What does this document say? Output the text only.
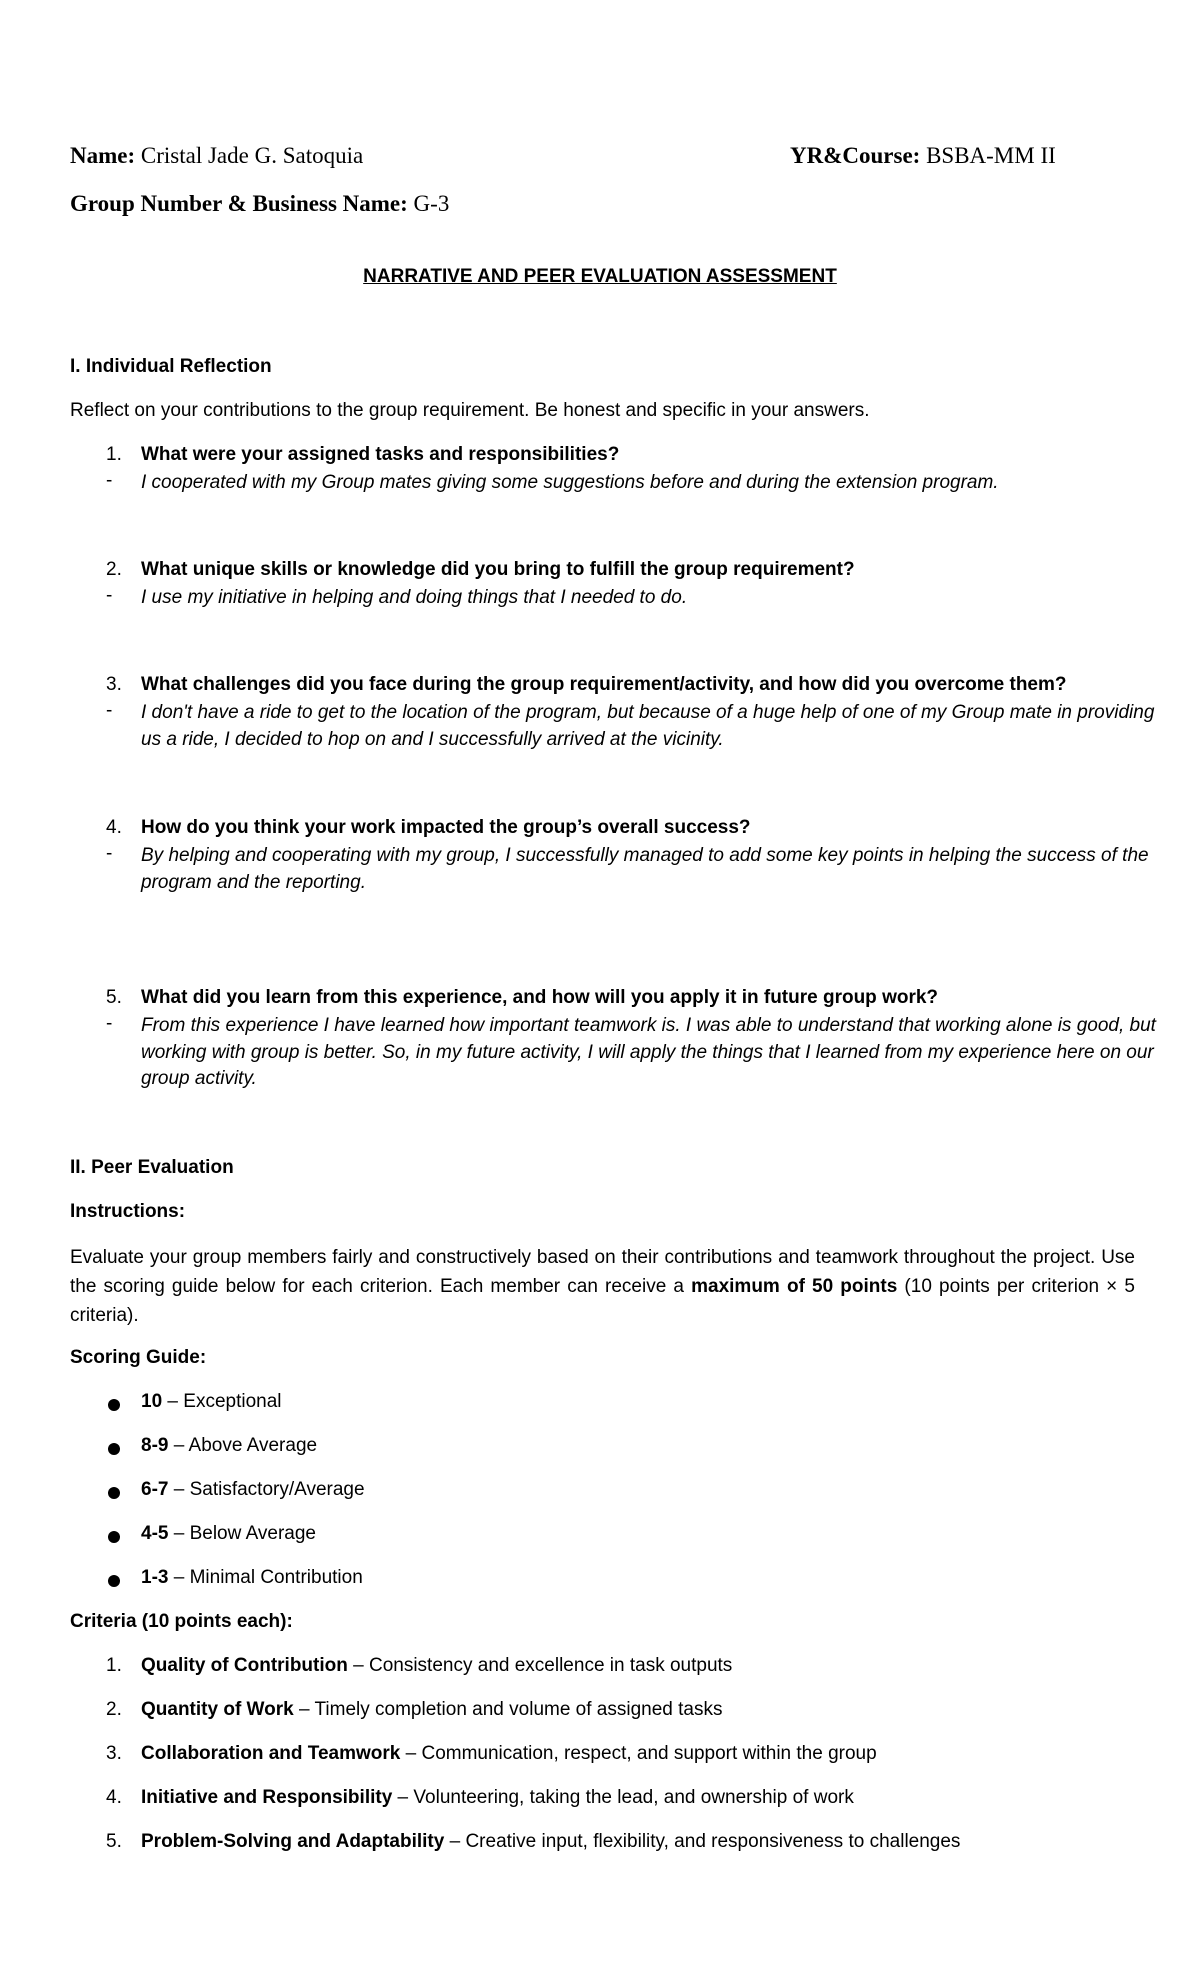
Name: Cristal Jade G. Satoquia	YR&Course: BSBA-MM II
Group Number & Business Name: G-3
NARRATIVE AND PEER EVALUATION ASSESSMENT
I. Individual Reflection
Reflect on your contributions to the group requirement. Be honest and specific in your answers.
1.	What were your assigned tasks and responsibilities?
-	I cooperated with my Group mates giving some suggestions before and during the extension program.
2.	What unique skills or knowledge did you bring to fulfill the group requirement?
-	I use my initiative in helping and doing things that I needed to do.
3.	What challenges did you face during the group requirement/activity, and how did you overcome them?
-	I don't have a ride to get to the location of the program, but because of a huge help of one of my Group mate in providing us a ride, I decided to hop on and I successfully arrived at the vicinity.
4.	How do you think your work impacted the group’s overall success?
-	By helping and cooperating with my group, I successfully managed to add some key points in helping the success of the program and the reporting.
5.	What did you learn from this experience, and how will you apply it in future group work?
-	From this experience I have learned how important teamwork is. I was able to understand that working alone is good, but working with group is better. So, in my future activity, I will apply the things that I learned from my experience here on our group activity.
II. Peer Evaluation
Instructions:
Evaluate your group members fairly and constructively based on their contributions and teamwork throughout the project. Use the scoring guide below for each criterion. Each member can receive a maximum of 50 points (10 points per criterion × 5 criteria).
Scoring Guide:
10 – Exceptional
8-9 – Above Average
6-7 – Satisfactory/Average
4-5 – Below Average
1-3 – Minimal Contribution
Criteria (10 points each):
1.	Quality of Contribution – Consistency and excellence in task outputs
2.	Quantity of Work – Timely completion and volume of assigned tasks
3.	Collaboration and Teamwork – Communication, respect, and support within the group
4.	Initiative and Responsibility – Volunteering, taking the lead, and ownership of work
5.	Problem-Solving and Adaptability – Creative input, flexibility, and responsiveness to challenges
